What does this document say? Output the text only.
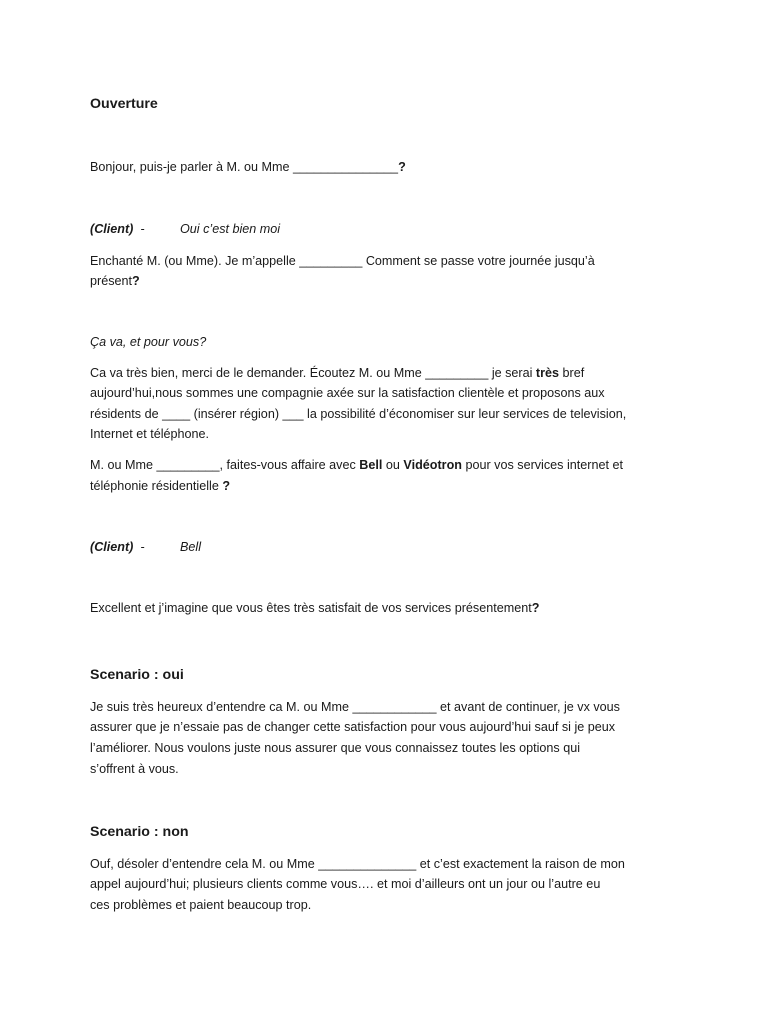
Ouverture
Bonjour, puis-je parler à M. ou Mme _______________?
(Client) -	Oui c’est bien moi
Enchanté M. (ou Mme). Je m’appelle _________ Comment se passe votre journée jusqu’à
présent?
Ça va, et pour vous?
Ca va très bien, merci de le demander. Écoutez M. ou Mme _________ je serai très bref
aujourd’hui,nous sommes une compagnie axée sur la satisfaction clientèle et proposons aux
résidents de ____ (insérer région) ___ la possibilité d’économiser sur leur services de television,
Internet et téléphone.
M. ou Mme _________, faites-vous affaire avec Bell ou Vidéotron pour vos services internet et
téléphonie résidentielle ?
(Client) -	Bell
Excellent et j’imagine que vous êtes très satisfait de vos services présentement?
Scenario : oui
Je suis très heureux d’entendre ca M. ou Mme ____________ et avant de continuer, je vx vous
assurer que je n’essaie pas de changer cette satisfaction pour vous aujourd’hui sauf si je peux
l’améliorer. Nous voulons juste nous assurer que vous connaissez toutes les options qui
s’offrent à vous.
Scenario : non
Ouf, désoler d’entendre cela M. ou Mme ______________ et c’est exactement la raison de mon
appel aujourd’hui; plusieurs clients comme vous…. et moi d’ailleurs ont un jour ou l’autre eu
ces problèmes et paient beaucoup trop.
